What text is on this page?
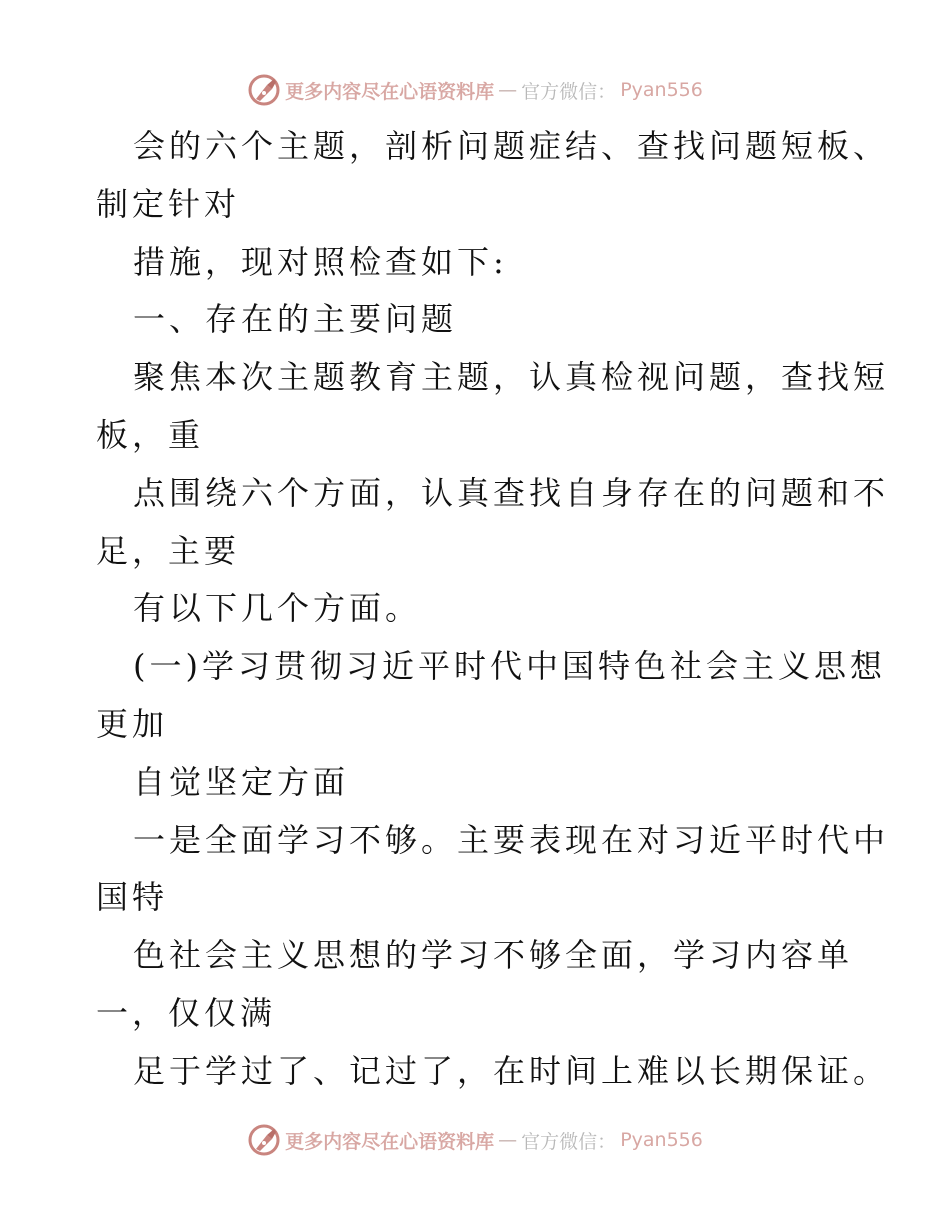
更多内容尽在心语资料库 — 官方微信： Pyan556
会的六个主题，剖析问题症结、查找问题短板、
制定针对
措施，现对照检查如下:
一、存在的主要问题
聚焦本次主题教育主题，认真检视问题，查找短
板，重
点围绕六个方面，认真查找自身存在的问题和不
足，主要
有以下几个方面。
(一)学习贯彻习近平时代中国特色社会主义思想
更加
自觉坚定方面
一是全面学习不够。主要表现在对习近平时代中
国特
色社会主义思想的学习不够全面，学习内容单
一，仅仅满
足于学过了、记过了，在时间上难以长期保证。
更多内容尽在心语资料库 — 官方微信： Pyan556
